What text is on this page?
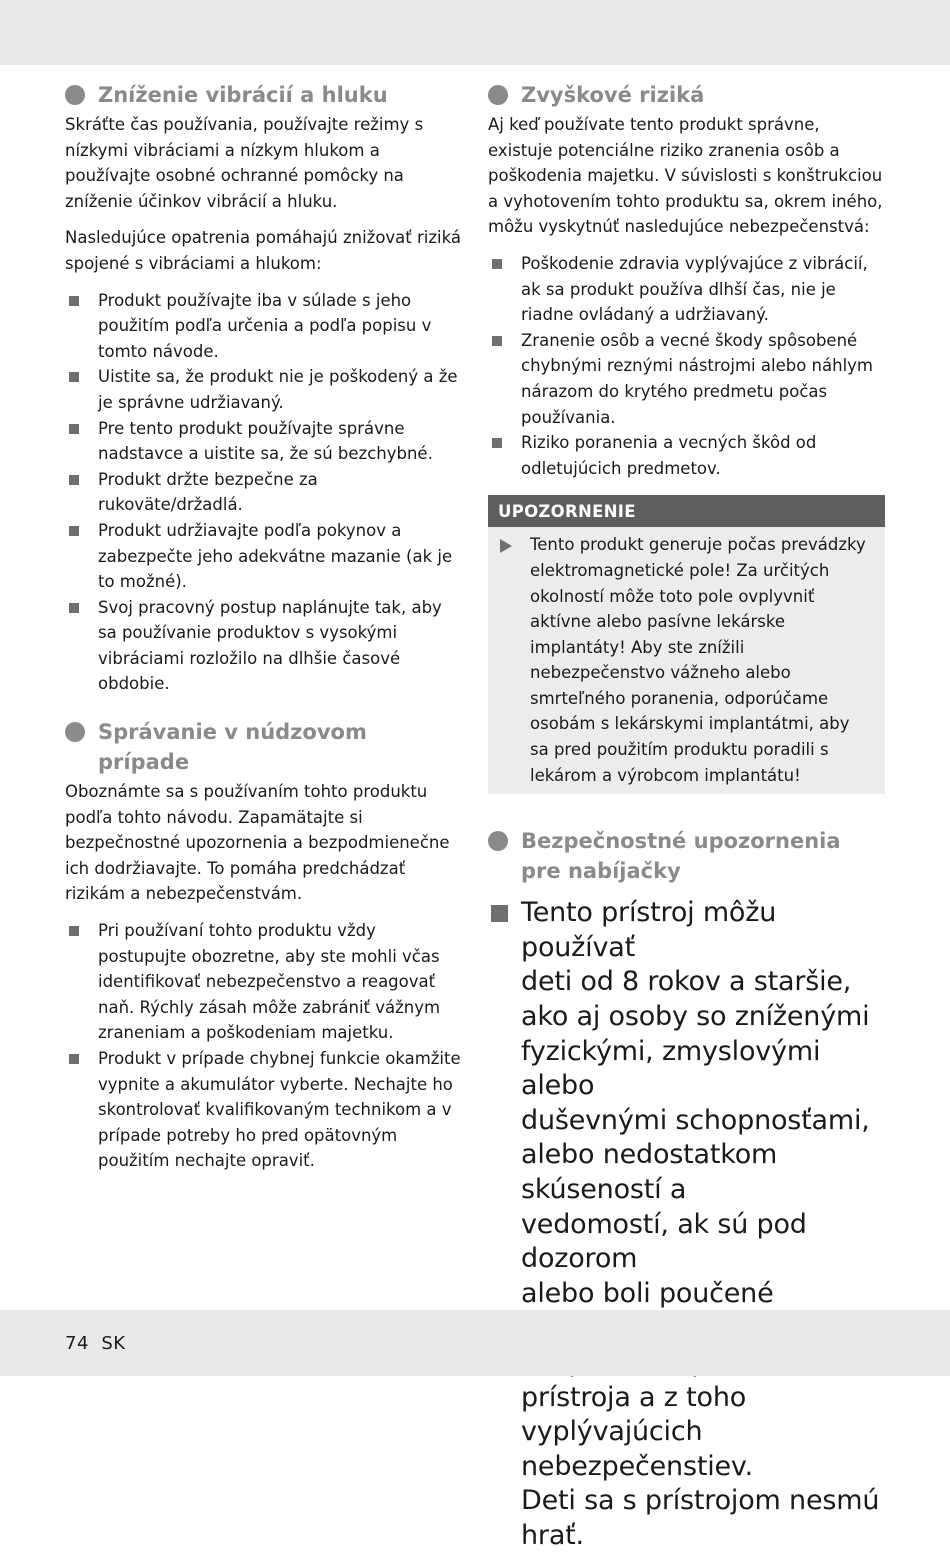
Zníženie vibrácií a hluku

Skráťte čas používania, používajte režimy s nízkymi vibráciami a nízkym hlukom a používajte osobné ochranné pomôcky na zníženie účinkov vibrácií a hluku.

Nasledujúce opatrenia pomáhajú znižovať riziká spojené s vibráciami a hlukom:

Produkt používajte iba v súlade s jeho použitím podľa určenia a podľa popisu v tomto návode.
Uistite sa, že produkt nie je poškodený a že je správne udržiavaný.
Pre tento produkt používajte správne nadstavce a uistite sa, že sú bezchybné.
Produkt držte bezpečne za rukoväte/držadlá.
Produkt udržiavajte podľa pokynov a zabezpečte jeho adekvátne mazanie (ak je to možné).
Svoj pracovný postup naplánujte tak, aby sa používanie produktov s vysokými vibráciami rozložilo na dlhšie časové obdobie.
Správanie v núdzovom prípade

Oboznámte sa s používaním tohto produktu podľa tohto návodu. Zapamätajte si bezpečnostné upozornenia a bezpodmienečne ich dodržiavajte. To pomáha predchádzať rizikám a nebezpečenstvám.

Pri používaní tohto produktu vždy postupujte obozretne, aby ste mohli včas identifikovať nebezpečenstvo a reagovať naň. Rýchly zásah môže zabrániť vážnym zraneniam a poškodeniam majetku.
Produkt v prípade chybnej funkcie okamžite vypnite a akumulátor vyberte. Nechajte ho skontrolovať kvalifikovaným technikom a v prípade potreby ho pred opätovným použitím nechajte opraviť.
Zvyškové riziká

Aj keď používate tento produkt správne, existuje potenciálne riziko zranenia osôb a poškodenia majetku. V súvislosti s konštrukciou a vyhotovením tohto produktu sa, okrem iného, môžu vyskytnúť nasledujúce nebezpečenstvá:

Poškodenie zdravia vyplývajúce z vibrácií, ak sa produkt používa dlhší čas, nie je riadne ovládaný a udržiavaný.
Zranenie osôb a vecné škody spôsobené chybnými reznými nástrojmi alebo náhlym nárazom do krytého predmetu počas používania.
Riziko poranenia a vecných škôd od odletujúcich predmetov.
UPOZORNENIE
Tento produkt generuje počas prevádzky elektromagnetické pole! Za určitých okolností môže toto pole ovplyvniť aktívne alebo pasívne lekárske implantáty! Aby ste znížili nebezpečenstvo vážneho alebo smrteľného poranenia, odporúčame osobám s lekárskymi implantátmi, aby sa pred použitím produktu poradili s lekárom a výrobcom implantátu!
Bezpečnostné upozornenia pre nabíjačky
Tento prístroj môžu používať
deti od 8 rokov a staršie,
ako aj osoby so zníženými
fyzickými, zmyslovými alebo
duševnými schopnosťami,
alebo nedostatkom skúseností a
vedomostí, ak sú pod dozorom
alebo boli poučené
prístroja a z toho vyplývajúcich
nebezpečenstiev.
Deti sa s prístrojom nesmú hrať.
74 SK
